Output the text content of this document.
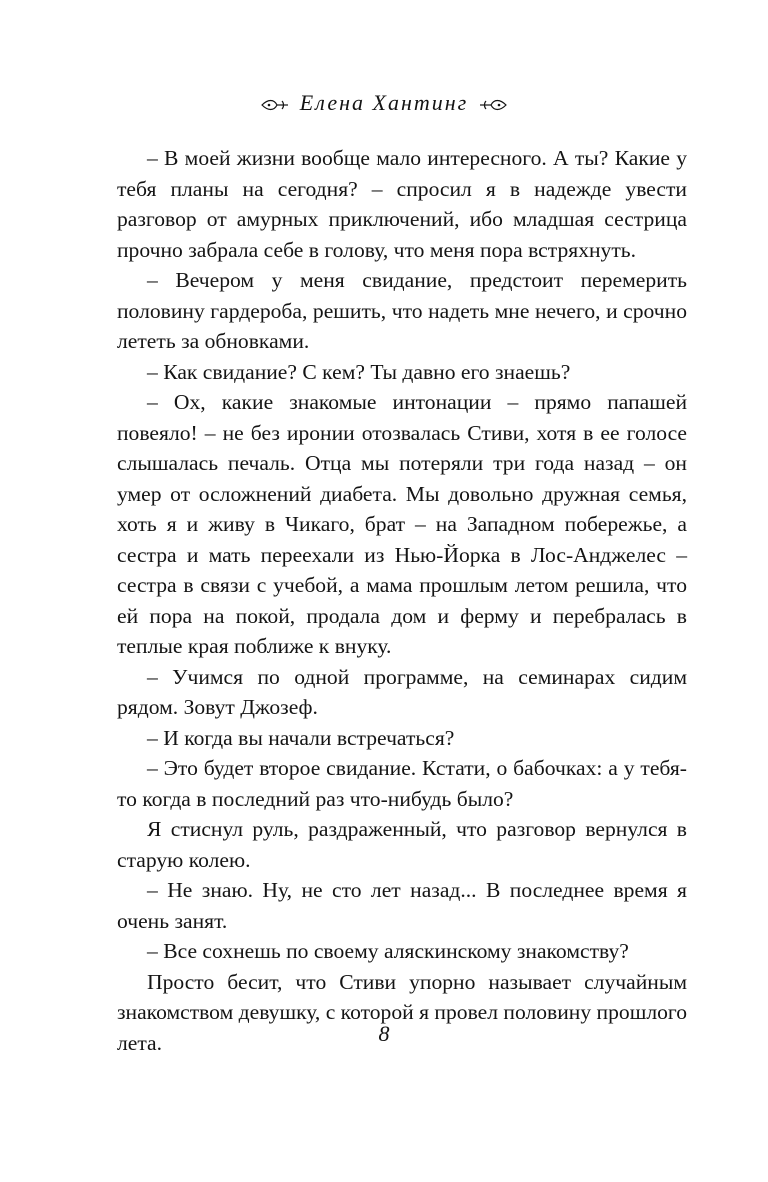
Елена Хантинг

– В моей жизни вообще мало интересного. А ты? Какие у тебя планы на сегодня? – спросил я в надежде увести разговор от амурных приключений, ибо младшая сестрица прочно забрала себе в голову, что меня пора встряхнуть.

– Вечером у меня свидание, предстоит перемерить половину гардероба, решить, что надеть мне нечего, и срочно лететь за обновками.

– Как свидание? С кем? Ты давно его знаешь?

– Ох, какие знакомые интонации – прямо папашей повеяло! – не без иронии отозвалась Стиви, хотя в ее голосе слышалась печаль. Отца мы потеряли три года назад – он умер от осложнений диабета. Мы довольно дружная семья, хоть я и живу в Чикаго, брат – на Западном побережье, а сестра и мать переехали из Нью-Йорка в Лос-Анджелес – сестра в связи с учебой, а мама прошлым летом решила, что ей пора на покой, продала дом и ферму и перебралась в теплые края поближе к внуку.

– Учимся по одной программе, на семинарах сидим рядом. Зовут Джозеф.

– И когда вы начали встречаться?

– Это будет второе свидание. Кстати, о бабочках: а у тебя-то когда в последний раз что-нибудь было?

Я стиснул руль, раздраженный, что разговор вернулся в старую колею.

– Не знаю. Ну, не сто лет назад... В последнее время я очень занят.

– Все сохнешь по своему аляскинскому знакомству?

Просто бесит, что Стиви упорно называет случайным знакомством девушку, с которой я провел половину прошлого лета.	8
